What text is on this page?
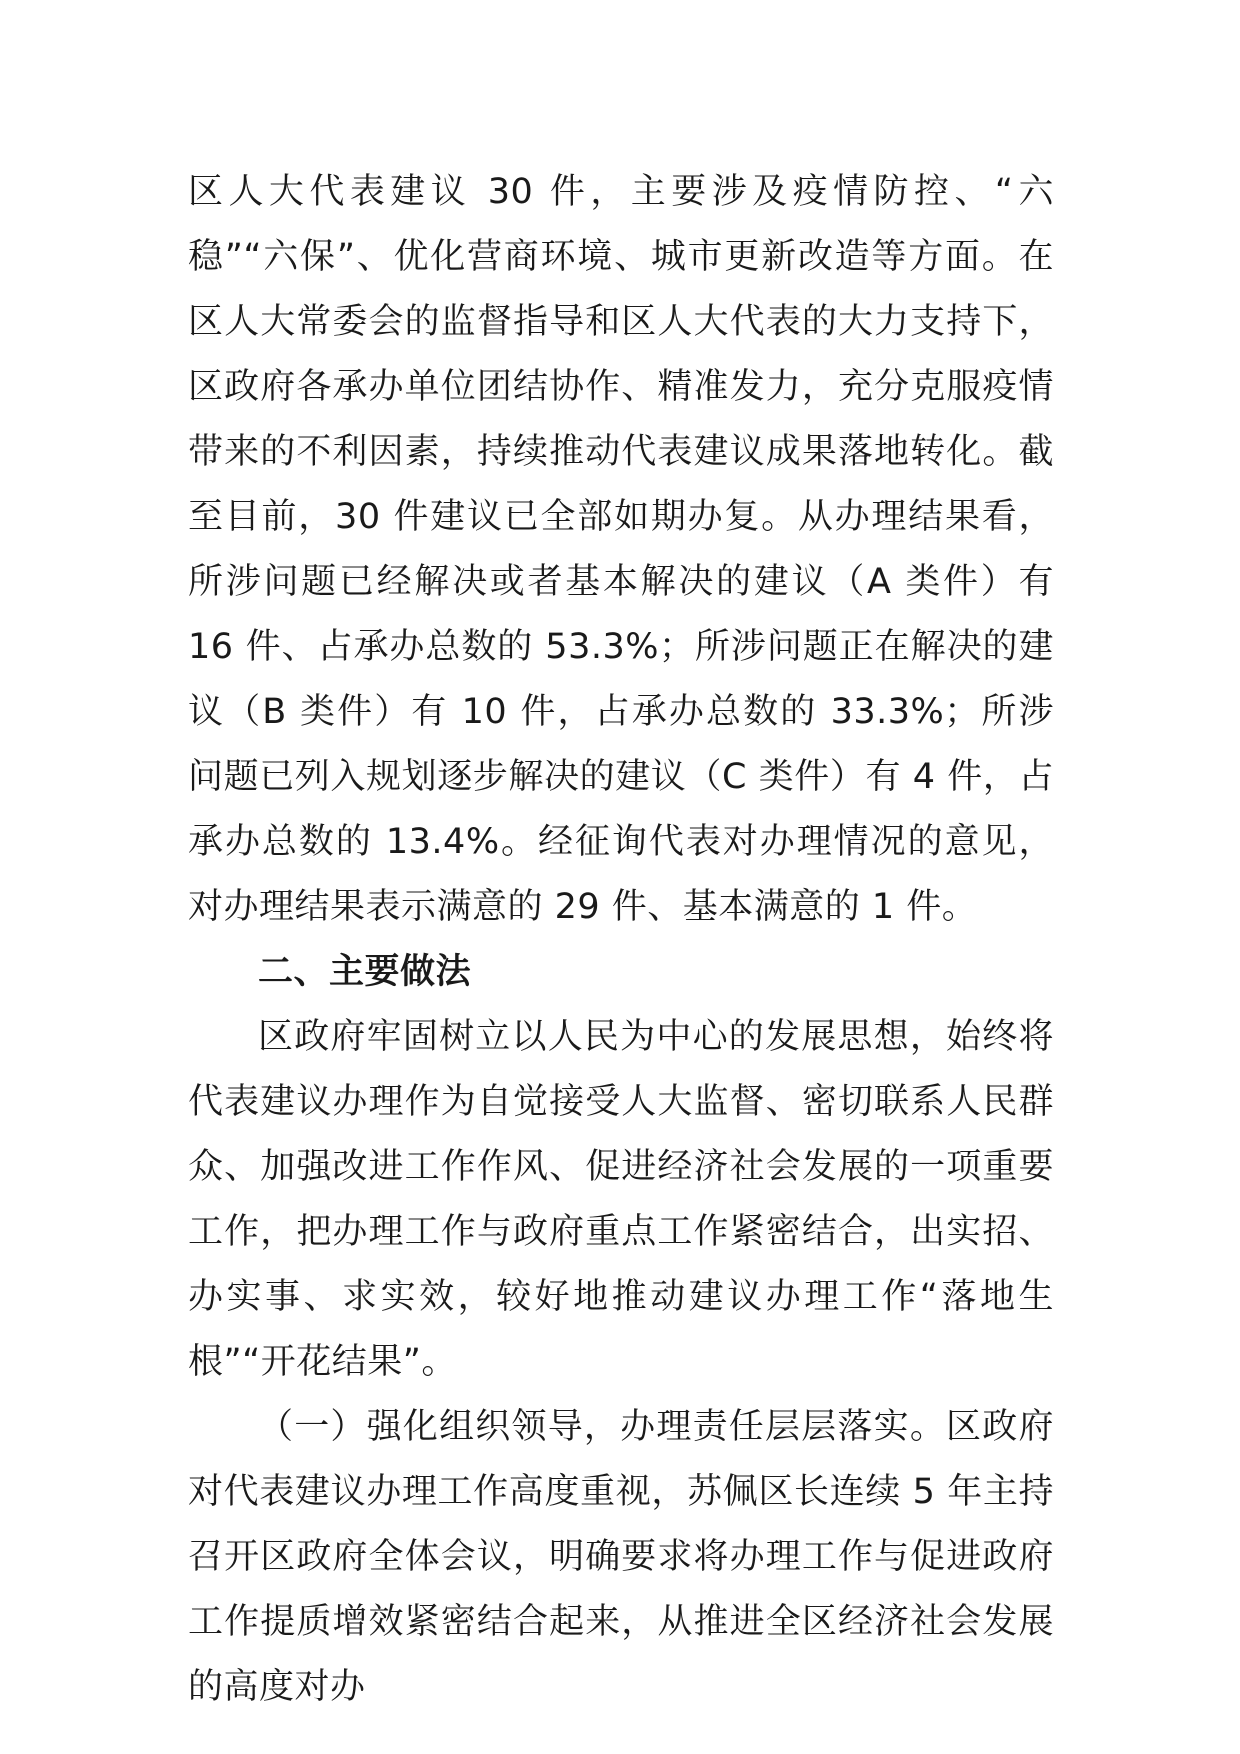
区人大代表建议 30 件，主要涉及疫情防控、“六稳”“六保”、优化营商环境、城市更新改造等方面。在区人大常委会的监督指导和区人大代表的大力支持下，区政府各承办单位团结协作、精准发力，充分克服疫情带来的不利因素，持续推动代表建议成果落地转化。截至目前，30 件建议已全部如期办复。从办理结果看，所涉问题已经解决或者基本解决的建议（A 类件）有 16 件、占承办总数的 53.3%；所涉问题正在解决的建议（B 类件）有 10 件，占承办总数的 33.3%；所涉问题已列入规划逐步解决的建议（C 类件）有 4 件，占承办总数的 13.4%。经征询代表对办理情况的意见，对办理结果表示满意的 29 件、基本满意的 1 件。

二、主要做法

区政府牢固树立以人民为中心的发展思想，始终将代表建议办理作为自觉接受人大监督、密切联系人民群众、加强改进工作作风、促进经济社会发展的一项重要工作，把办理工作与政府重点工作紧密结合，出实招、办实事、求实效，较好地推动建议办理工作“落地生根”“开花结果”。

（一）强化组织领导，办理责任层层落实。区政府对代表建议办理工作高度重视，苏佩区长连续 5 年主持召开区政府全体会议，明确要求将办理工作与促进政府工作提质增效紧密结合起来，从推进全区经济社会发展的高度对办
